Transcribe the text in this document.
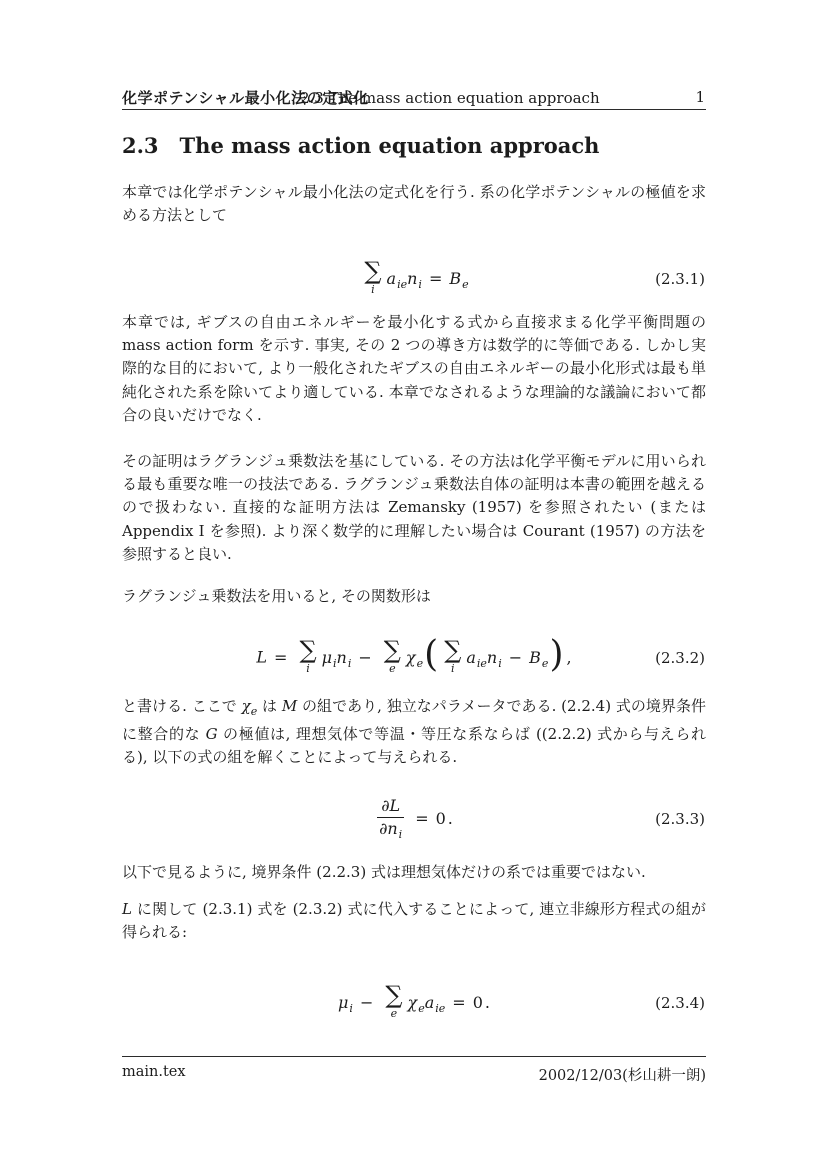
2.3 The mass action equation approach
化学ポテンシャル最小化法の定式化	1
2.3 The mass action equation approach

本章では化学ポテンシャル最小化法の定式化を行う. 系の化学ポテンシャルの極値を求める方法として

∑
i
aieni = Be	(2.3.1)

本章では, ギブスの自由エネルギーを最小化する式から直接求まる化学平衡問題の mass action form を示す. 事実, その 2 つの導き方は数学的に等価である. しかし実際的な目的において, より一般化されたギブスの自由エネルギーの最小化形式は最も単純化された系を除いてより適している. 本章でなされるような理論的な議論において都合の良いだけでなく.

その証明はラグランジュ乗数法を基にしている. その方法は化学平衡モデルに用いられる最も重要な唯一の技法である. ラグランジュ乗数法自体の証明は本書の範囲を越えるので扱わない. 直接的な証明方法は Zemansky (1957) を参照されたい (または Appendix I を参照). より深く数学的に理解したい場合は Courant (1957) の方法を参照すると良い.

ラグランジュ乗数法を用いると, その関数形は

L = ∑
i
μini − ∑
e
χe( ∑
i
aieni − Be) ,	(2.3.2)

と書ける. ここで $\chi_e$ は M の組であり, 独立なパラメータである. (2.2.4) 式の境界条件に整合的な G の極値は, 理想気体で等温・等圧な系ならば ((2.2.2) 式から与えられる), 以下の式の組を解くことによって与えられる.

$\frac{\partial L}{\partial ni} = 0$ .	(2.3.3)

以下で見るように, 境界条件 (2.2.3) 式は理想気体だけの系では重要ではない.

L に関して (2.3.1) 式を (2.3.2) 式に代入することによって, 連立非線形方程式の組が得られる:

μi − ∑
e
χeaie = 0 .	(2.3.4)
main.tex	2002/12/03(杉山耕一朗)
